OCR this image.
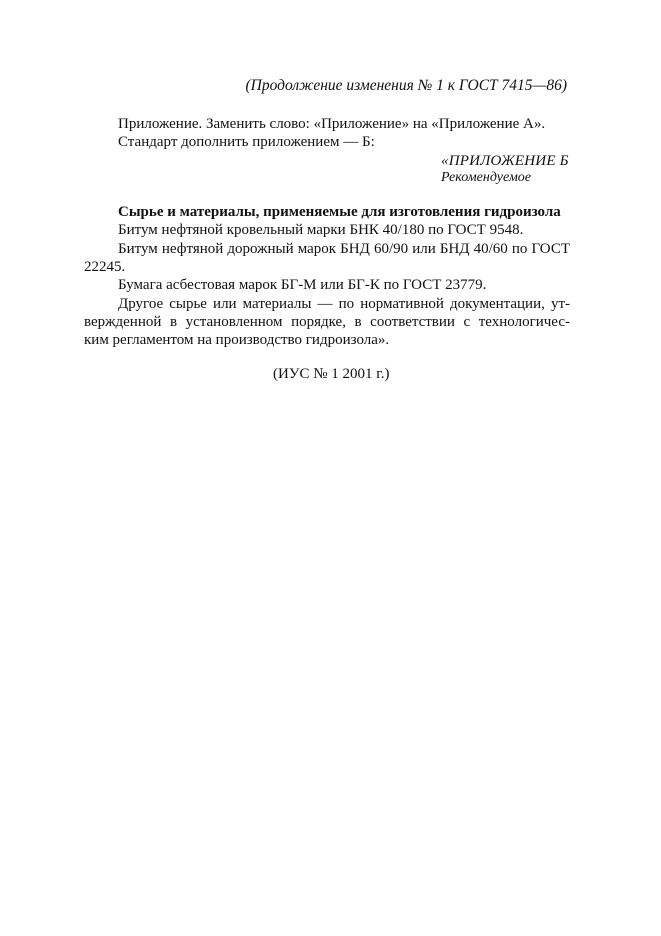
(Продолжение изменения № 1 к ГОСТ 7415—86)
Приложение. Заменить слово: «Приложение» на «Приложение А».
Стандарт дополнить приложением — Б:
«ПРИЛОЖЕНИЕ Б
Рекомендуемое
Сырье и материалы, применяемые для изготовления гидроизола
Битум нефтяной кровельный марки БНК 40/180 по ГОСТ 9548.
Битум нефтяной дорожный марок БНД 60/90 или БНД 40/60 по ГОСТ
22245.
Бумага асбестовая марок БГ-М или БГ-К по ГОСТ 23779.
Другое сырье или материалы — по нормативной документации, ут-
вержденной в установленном порядке, в соответствии с технологичес-
ким регламентом на производство гидроизола».
(ИУС № 1 2001 г.)
